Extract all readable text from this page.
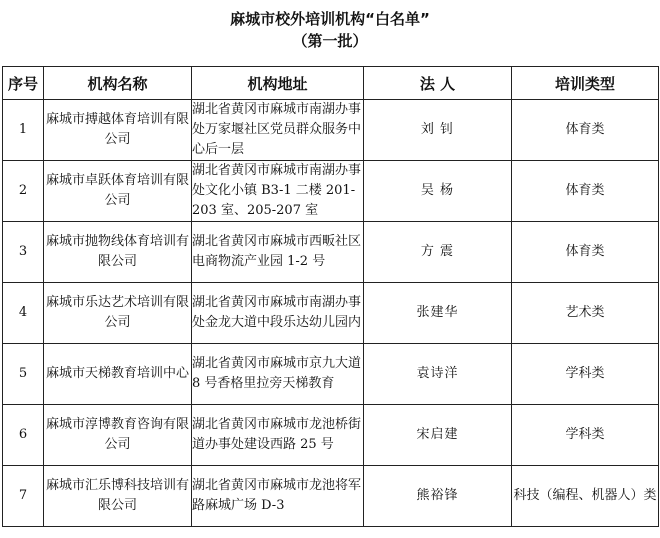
麻城市校外培训机构“白名单”
（第一批）
序号	机构名称	机构地址	法 人	培训类型
1	麻城市搏越体育培训有限公司	湖北省黄冈市麻城市南湖办事处万家堰社区党员群众服务中心后一层	刘 钊	体育类
2	麻城市卓跃体育培训有限公司	湖北省黄冈市麻城市南湖办事处文化小镇 B3-1 二楼 201-203 室、205-207 室	吴 杨	体育类
3	麻城市抛物线体育培训有限公司	湖北省黄冈市麻城市西畈社区电商物流产业园 1-2 号	方 震	体育类
4	麻城市乐达艺术培训有限公司	湖北省黄冈市麻城市南湖办事处金龙大道中段乐达幼儿园内	张建华	艺术类
5	麻城市天梯教育培训中心	湖北省黄冈市麻城市京九大道 8 号香格里拉旁天梯教育	袁诗洋	学科类
6	麻城市淳博教育咨询有限公司	湖北省黄冈市麻城市龙池桥街道办事处建设西路 25 号	宋启建	学科类
7	麻城市汇乐博科技培训有限公司	湖北省黄冈市麻城市龙池将军路麻城广场 D-3	熊裕锋	科技（编程、机器人）类
